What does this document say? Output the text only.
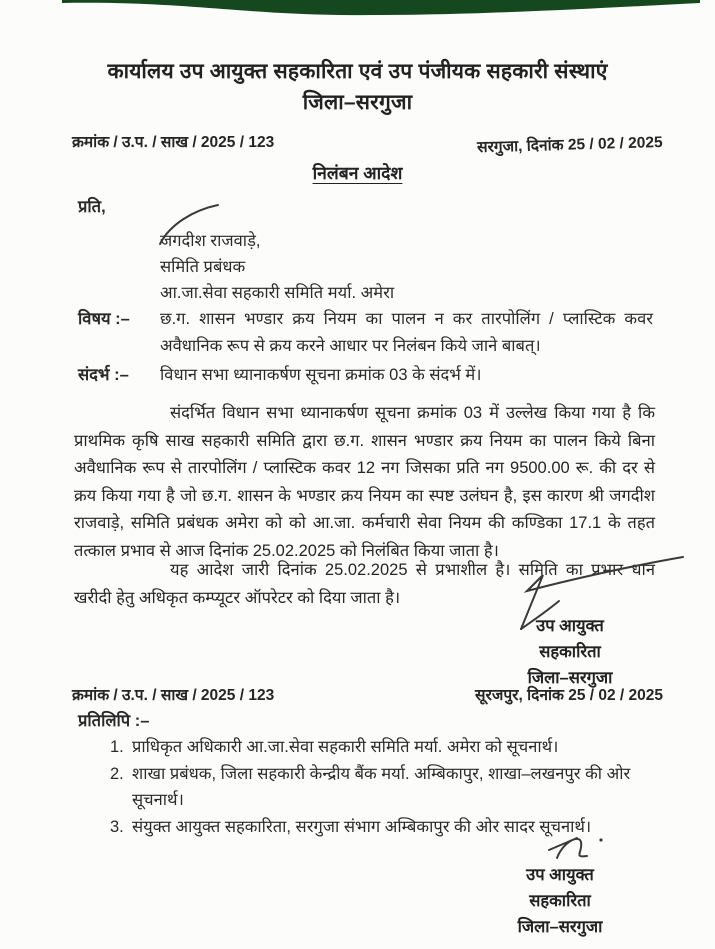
कार्यालय उप आयुक्त सहकारिता एवं उप पंजीयक सहकारी संस्थाएं
जिला–सरगुजा
क्रमांक / उ.प. / साख / 2025 / 123	सरगुजा, दिनांक 25 / 02 / 2025
निलंबन आदेश
प्रति,
जगदीश राजवाड़े,
समिति प्रबंधक
आ.जा.सेवा सहकारी समिति मर्या. अमेरा
विषय :– छ.ग. शासन भण्डार क्रय नियम का पालन न कर तारपोलिंग / प्लास्टिक कवर अवैधानिक रूप से क्रय करने आधार पर निलंबन किये जाने बाबत्।
संदर्भ :– विधान सभा ध्यानाकर्षण सूचना क्रमांक 03 के संदर्भ में।
संदर्भित विधान सभा ध्यानाकर्षण सूचना क्रमांक 03 में उल्लेख किया गया है कि प्राथमिक कृषि साख सहकारी समिति द्वारा छ.ग. शासन भण्डार क्रय नियम का पालन किये बिना अवैधानिक रूप से तारपोलिंग / प्लास्टिक कवर 12 नग जिसका प्रति नग 9500.00 रू. की दर से क्रय किया गया है जो छ.ग. शासन के भण्डार क्रय नियम का स्पष्ट उलंघन है, इस कारण श्री जगदीश राजवाड़े, समिति प्रबंधक अमेरा को को आ.जा. कर्मचारी सेवा नियम की कण्डिका 17.1 के तहत तत्काल प्रभाव से आज दिनांक 25.02.2025 को निलंबित किया जाता है।
यह आदेश जारी दिनांक 25.02.2025 से प्रभाशील है। समिति का प्रभार धान खरीदी हेतु अधिकृत कम्प्यूटर ऑपरेटर को दिया जाता है।
उप आयुक्त
सहकारिता
जिला–सरगुजा
क्रमांक / उ.प. / साख / 2025 / 123	सूरजपुर, दिनांक 25 / 02 / 2025
प्रतिलिपि :–
1. प्राधिकृत अधिकारी आ.जा.सेवा सहकारी समिति मर्या. अमेरा को सूचनार्थ।
2. शाखा प्रबंधक, जिला सहकारी केन्द्रीय बैंक मर्या. अम्बिकापुर, शाखा–लखनपुर की ओर सूचनार्थ।
3. संयुक्त आयुक्त सहकारिता, सरगुजा संभाग अम्बिकापुर की ओर सादर सूचनार्थ।
उप आयुक्त
सहकारिता
जिला–सरगुजा
